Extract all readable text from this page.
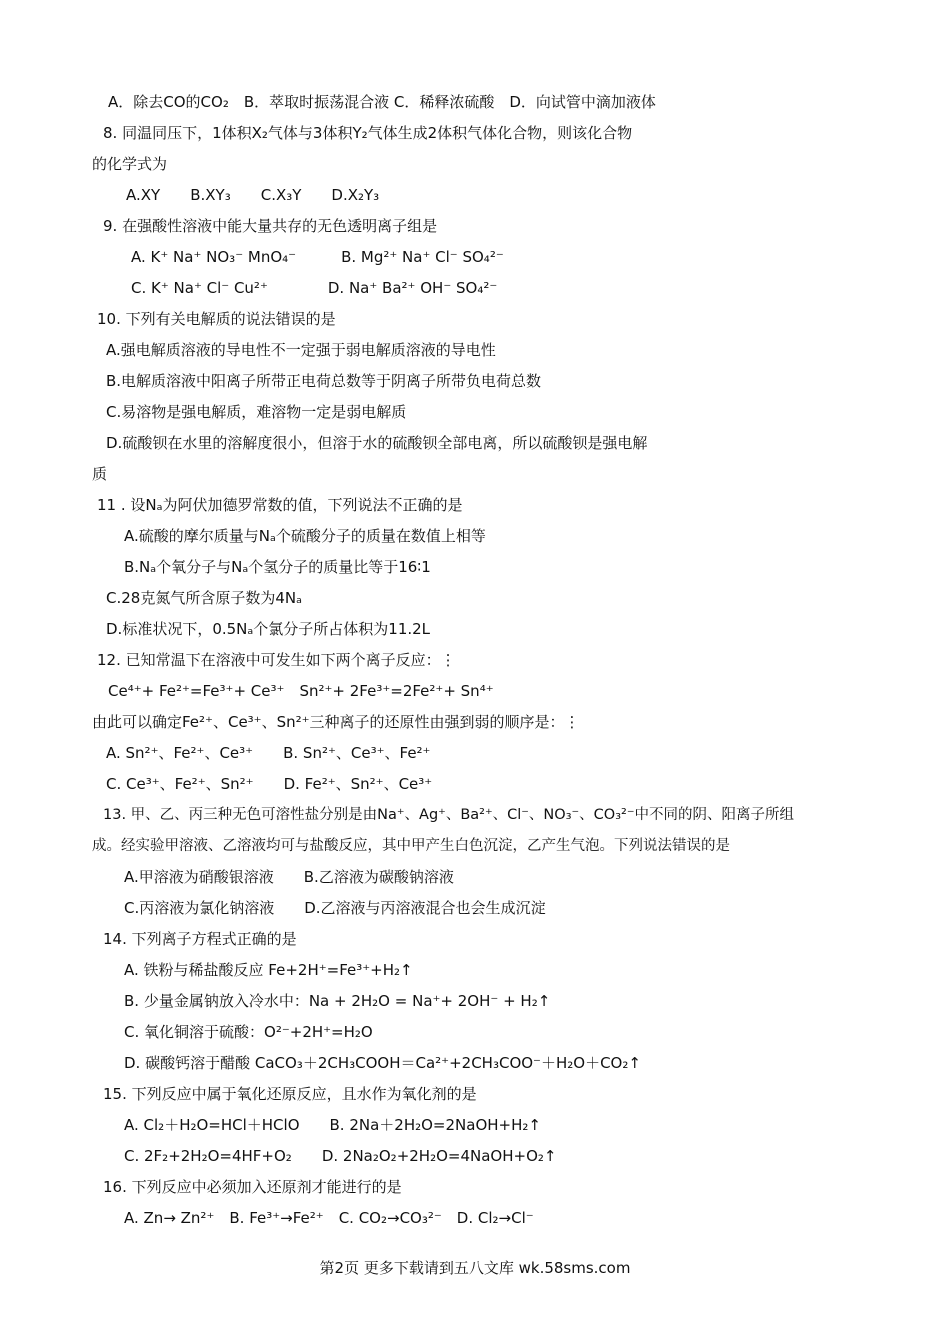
A．除去CO的CO₂　B．萃取时振荡混合液 C．稀释浓硫酸　D．向试管中滴加液体
8. 同温同压下，1体积X₂气体与3体积Y₂气体生成2体积气体化合物，则该化合物
的化学式为
A.XY　　B.XY₃　　C.X₃Y　　D.X₂Y₃
9. 在强酸性溶液中能大量共存的无色透明离子组是
A. K⁺ Na⁺ NO₃⁻ MnO₄⁻　　　B. Mg²⁺ Na⁺ Cl⁻ SO₄²⁻
C. K⁺ Na⁺ Cl⁻ Cu²⁺　　　　D. Na⁺ Ba²⁺ OH⁻ SO₄²⁻
10. 下列有关电解质的说法错误的是
A.强电解质溶液的导电性不一定强于弱电解质溶液的导电性
B.电解质溶液中阳离子所带正电荷总数等于阴离子所带负电荷总数
C.易溶物是强电解质，难溶物一定是弱电解质
D.硫酸钡在水里的溶解度很小，但溶于水的硫酸钡全部电离，所以硫酸钡是强电解
质
11 . 设Nₐ为阿伏加德罗常数的值，下列说法不正确的是
A.硫酸的摩尔质量与Nₐ个硫酸分子的质量在数值上相等
B.Nₐ个氧分子与Nₐ个氢分子的质量比等于16∶1
C.28克氮气所含原子数为4Nₐ
D.标准状况下，0.5Nₐ个氯分子所占体积为11.2L
12. 已知常温下在溶液中可发生如下两个离子反应：⋮
Ce⁴⁺+ Fe²⁺=Fe³⁺+ Ce³⁺　Sn²⁺+ 2Fe³⁺=2Fe²⁺+ Sn⁴⁺
由此可以确定Fe²⁺、Ce³⁺、Sn²⁺三种离子的还原性由强到弱的顺序是：⋮
A. Sn²⁺、Fe²⁺、Ce³⁺　　B. Sn²⁺、Ce³⁺、Fe²⁺
C. Ce³⁺、Fe²⁺、Sn²⁺　　D. Fe²⁺、Sn²⁺、Ce³⁺
13. 甲、乙、丙三种无色可溶性盐分别是由Na⁺、Ag⁺、Ba²⁺、Cl⁻、NO₃⁻、CO₃²⁻中不同的阴、阳离子所组
成。经实验甲溶液、乙溶液均可与盐酸反应，其中甲产生白色沉淀，乙产生气泡。下列说法错误的是
A.甲溶液为硝酸银溶液　　B.乙溶液为碳酸钠溶液
C.丙溶液为氯化钠溶液　　D.乙溶液与丙溶液混合也会生成沉淀
14. 下列离子方程式正确的是
A. 铁粉与稀盐酸反应 Fe+2H⁺=Fe³⁺+H₂↑
B. 少量金属钠放入冷水中：Na + 2H₂O = Na⁺+ 2OH⁻ + H₂↑
C. 氧化铜溶于硫酸：O²⁻+2H⁺=H₂O
D. 碳酸钙溶于醋酸 CaCO₃＋2CH₃COOH＝Ca²⁺+2CH₃COO⁻＋H₂O＋CO₂↑
15. 下列反应中属于氧化还原反应，且水作为氧化剂的是
A. Cl₂＋H₂O=HCl＋HClO　　B. 2Na＋2H₂O=2NaOH+H₂↑
C. 2F₂+2H₂O=4HF+O₂　　D. 2Na₂O₂+2H₂O=4NaOH+O₂↑
16. 下列反应中必须加入还原剂才能进行的是
A. Zn→ Zn²⁺　B. Fe³⁺→Fe²⁺　C. CO₂→CO₃²⁻　D. Cl₂→Cl⁻
第2页 更多下载请到五八文库 wk.58sms.com
